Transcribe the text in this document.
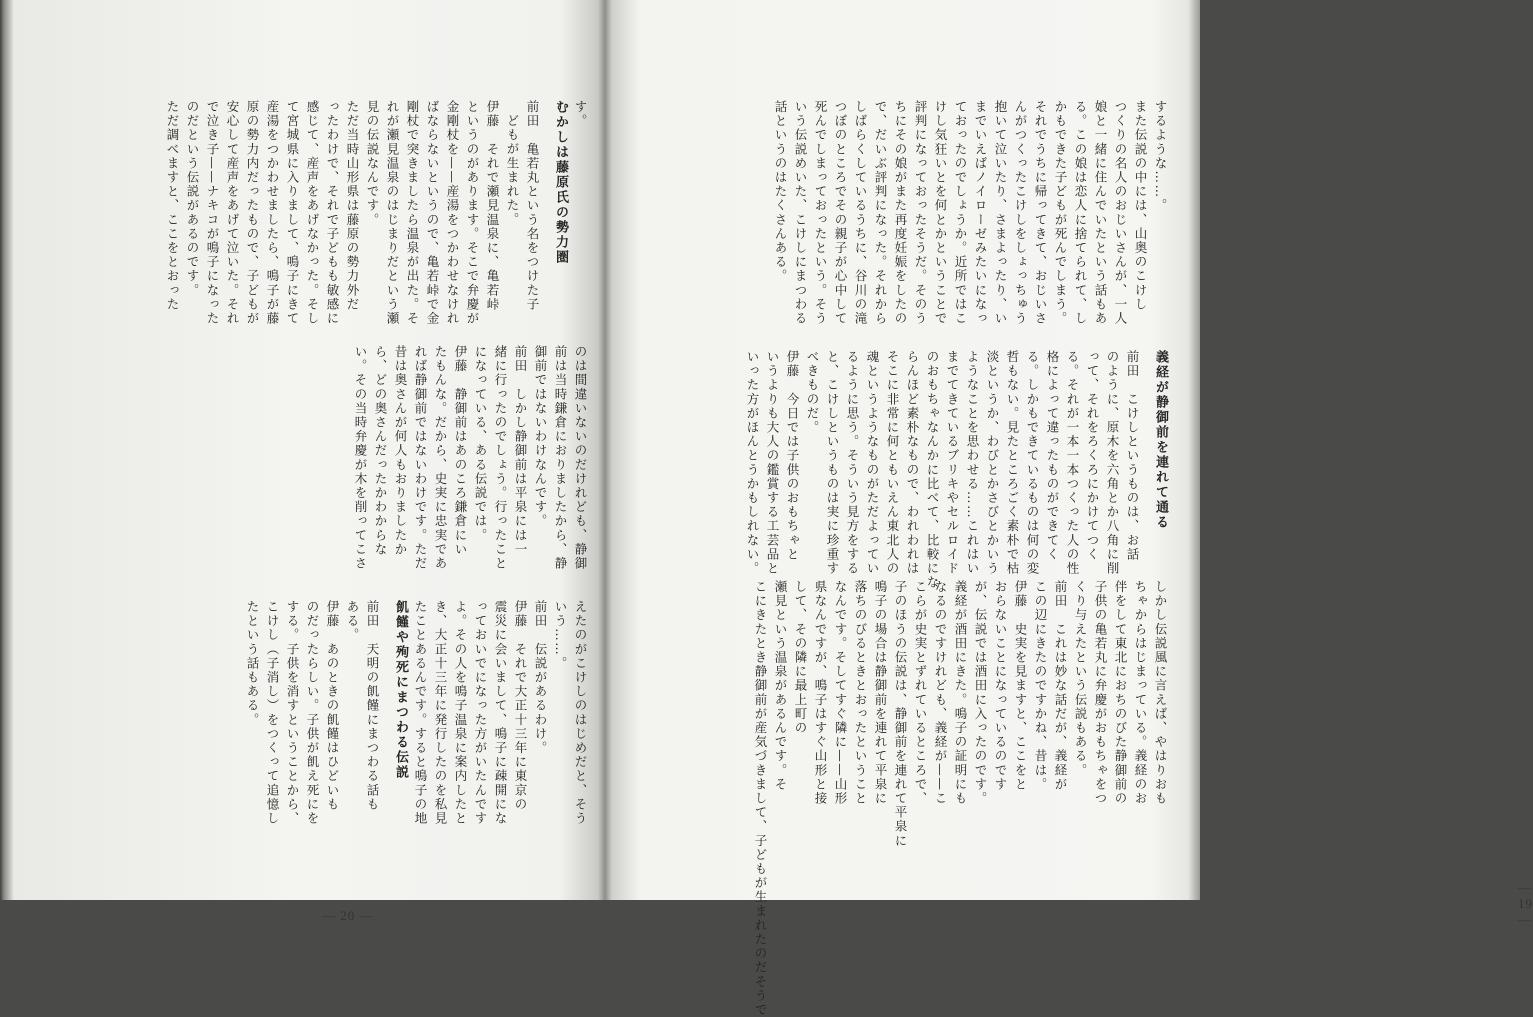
す。
むかしは藤原氏の勢力圏
前田　亀若丸という名をつけた子
どもが生まれた。
伊藤　それで瀬見温泉に、亀若峠
というのがあります。そこで弁慶が
金剛杖を——産湯をつかわせなけれ
ばならないというので、亀若峠で金
剛杖で突きましたら温泉が出た。そ
れが瀬見温泉のはじまりだという瀬
見の伝説なんです。
ただ当時山形県は藤原の勢力外だ
ったわけで、それで子どもも敏感に
感じて、産声をあげなかった。そし
て宮城県に入りまして、鳴子にきて
産湯をつかわせましたら、鳴子が藤
原の勢力内だったもので、子どもが
安心して産声をあげて泣いた。それ
で泣き子——ナキコが鳴子になった
のだという伝説があるのです。
ただ調べますと、ここをとおった
のは間違いないのだけれども、静御
前は当時鎌倉におりましたから、静
御前ではないわけなんです。
前田　しかし静御前は平泉には一
緒に行ったのでしょう。行ったこと
になっている、ある伝説では。
伊藤　静御前はあのころ鎌倉にい
たもんな。だから、史実に忠実であ
れば静御前ではないわけです。ただ
昔は奥さんが何人もおりましたか
ら、どの奥さんだったかわからな
い。その当時弁慶が木を削ってこさ
えたのがこけしのはじめだと、そう
いう……。
前田　伝説があるわけ。
伊藤　それで大正十三年に東京の
震災に会いまして、鳴子に疎開にな
っておいでになった方がいたんです
よ。その人を鳴子温泉に案内したと
き、大正十三年に発行したのを私見
たことあるんです。すると鳴子の地
飢饉や殉死にまつわる伝説
前田　天明の飢饉にまつわる話も
ある。
伊藤　あのときの飢饉はひどいも
のだったらしい。子供が飢え死にを
する。子供を消すということから、
こけし（子消し）をつくって追憶し
たという話もある。
— 20 —
するような……。
また伝説の中には、山奥のこけし
つくりの名人のおじいさんが、一人
娘と一緒に住んでいたという話もあ
る。この娘は恋人に捨てられて、し
かもできた子どもが死んでしまう。
それでうちに帰ってきて、おじいさ
んがつくったこけしをしょっちゅう
抱いて泣いたり、さまよったり、い
までいえばノイローゼみたいになっ
ておったのでしょうか。近所ではこ
けし気狂いとを何とかということで
評判になっておったそうだ。そのう
ちにその娘がまた再度妊娠をしたの
で、だいぶ評判になった。それから
しばらくしているうちに、谷川の滝
つぼのところでその親子が心中して
死んでしまっておったという。そう
いう伝説めいた、こけしにまつわる
話というのはたくさんある。
義経が静御前を連れて通る
前田　こけしというものは、お話
のように、原木を六角とか八角に削
って、それをろくろにかけてつく
る。それが一本一本つくった人の性
格によって違ったものができてく
る。しかもできているものは何の変
哲もない。見たところごく素朴で枯
淡というか、わびとかさびとかいう
ようなことを思わせる……これはい
までてきているブリキやセルロイド
のおもちゃなんかに比べて、比較にな
らんほど素朴なもので、われわれは
そこに非常に何ともいえん東北人の
魂というようなものがただよってい
るように思う。そういう見方をする
と、こけしというものは実に珍重す
べきものだ。
伊藤　今日では子供のおもちゃと
いうよりも大人の鑑賞する工芸品と
いった方がほんとうかもしれない。
しかし伝説風に言えば、やはりおも
ちゃからはじまっている。義経のお
伴をして東北におちのびた静御前の
子供の亀若丸に弁慶がおもちゃをつ
くり与えたという伝説もある。
前田　これは妙な話だが、義経が
この辺にきたのですかね、昔は。
伊藤　史実を見ますと、ここをと
おらないことになっているのです
が、伝説では酒田に入ったのです。
義経が酒田にきた。鳴子の証明にも
なるのですけれども、義経が——こ
こらが史実とずれているところで、
子のほうの伝説は、静御前を連れて平泉に
鳴子の場合は静御前を連れて平泉に
落ちのびるときとおったということ
なんです。そしてすぐ隣に——山形
県なんですが、鳴子はすぐ山形と接
して、その隣に最上町の
瀬見という温泉があるんです。そ
こにきたとき静御前が産気づきまして、子どもが生まれたのだそうで	— 19 —
